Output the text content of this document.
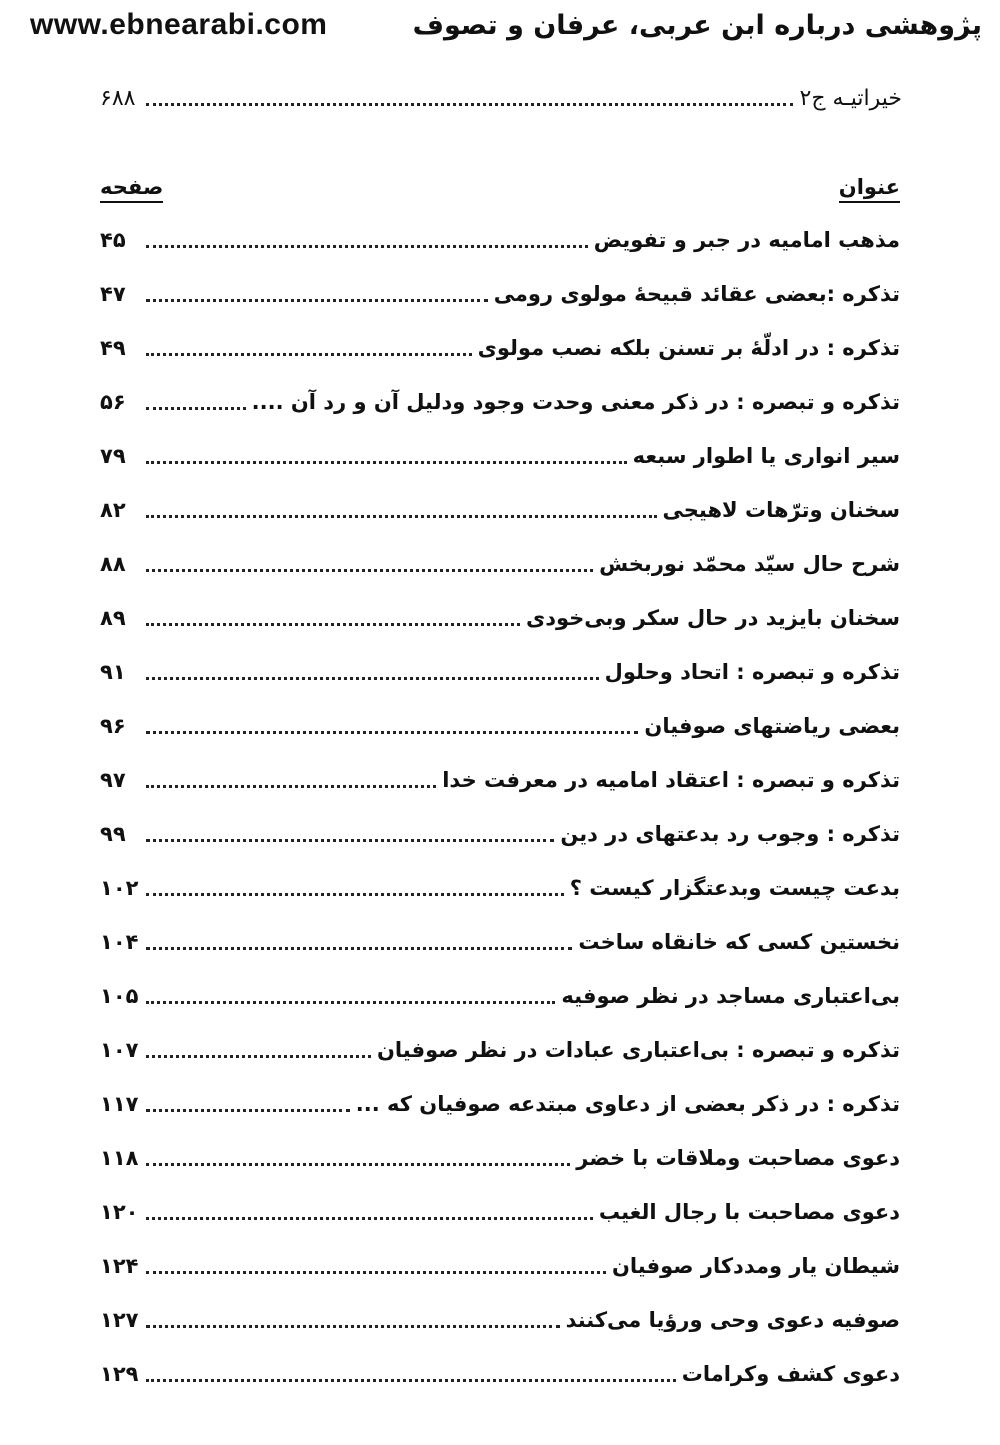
www.ebnearabi.com	پژوهشی درباره ابن عربی، عرفان و تصوف
خیراتیـه ج۲
۶۸۸
عنوان
صفحه
مذهب امامیه در جبر و تفویض
۴۵
تذکره :بعضی عقائد قبیحهٔ مولوی رومی
۴۷
تذکره : در ادلّهٔ بر تسنن بلکه نصب مولوی
۴۹
تذکره و تبصره : در ذکر معنی وحدت وجود ودلیل آن و رد آن ....
۵۶
سیر انواری یا اطوار سبعه
۷۹
سخنان وترّهات لاهیجی
۸۲
شرح حال سیّد محمّد نوربخش
۸۸
سخنان بایزید در حال سکر وبی‌خودی
۸۹
تذکره و تبصره : اتحاد وحلول
۹۱
بعضی ریاضتهای صوفیان
۹۶
تذکره و تبصره : اعتقاد امامیه در معرفت خدا
۹۷
تذکره : وجوب رد بدعتهای در دین
۹۹
بدعت چیست وبدعتگزار کیست ؟
۱۰۲
نخستین کسی که خانقاه ساخت
۱۰۴
بی‌اعتباری مساجد در نظر صوفیه
۱۰۵
تذکره و تبصره : بی‌اعتباری عبادات در نظر صوفیان
۱۰۷
تذکره : در ذکر بعضی از دعاوی مبتدعه صوفیان که ...
۱۱۷
دعوی مصاحبت وملاقات با خضر
۱۱۸
دعوی مصاحبت با رجال الغیب
۱۲۰
شیطان یار ومددکار صوفیان
۱۲۴
صوفیه دعوی وحی ورؤیا می‌کنند
۱۲۷
دعوی کشف وکرامات
۱۲۹
